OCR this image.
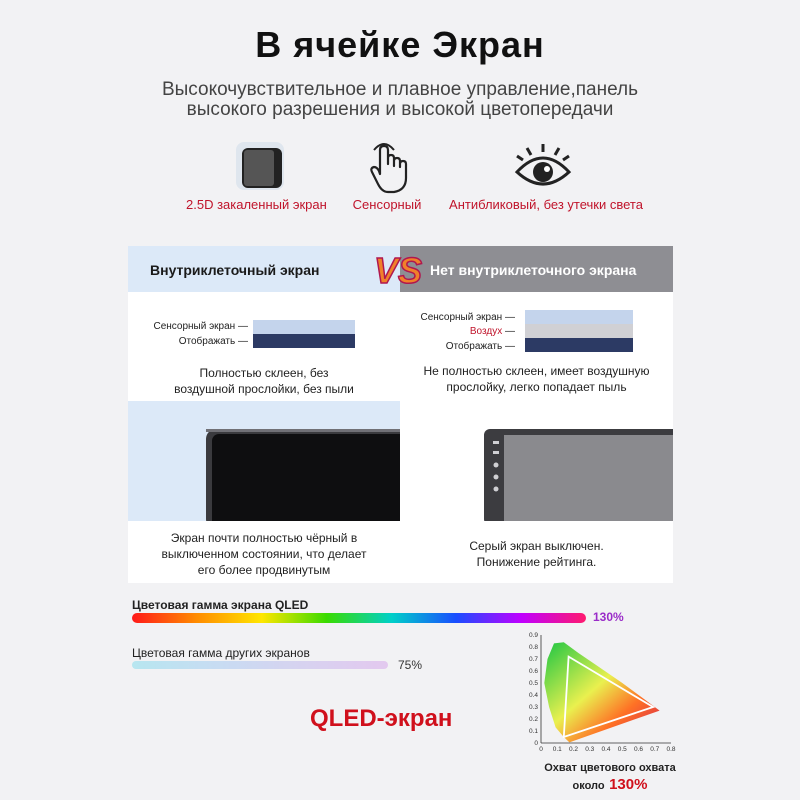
В ячейке Экран
Высокочувствительное и плавное управление,панель
высокого разрешения и высокой цветопередачи
2.5D закаленный экран	Сенсорный	Антибликовый, без утечки света
Внутриклеточный экран	Нет внутриклеточного экрана
VS
Сенсорный экран —
Отображать —
Полностью склеен, без
воздушной прослойки, без пыли
Сенсорный экран —
Воздух —
Отображать —
Не полностью склеен, имеет воздушную
прослойку, легко попадает пыль
Экран почти полностью чёрный в
выключенном состоянии, что делает
его более продвинутым
Серый экран выключен.
Понижение рейтинга.
Цветовая гамма экрана QLED
130%
Цветовая гамма других экранов
75%
QLED-экран
0 0.1 0.2 0.3 0.4 0.5 0.6 0.7 0.8
0
0.1
0.2
0.3
0.4
0.5
0.6
0.7
0.8
0.9
Охват цветового охвата
около 130%
